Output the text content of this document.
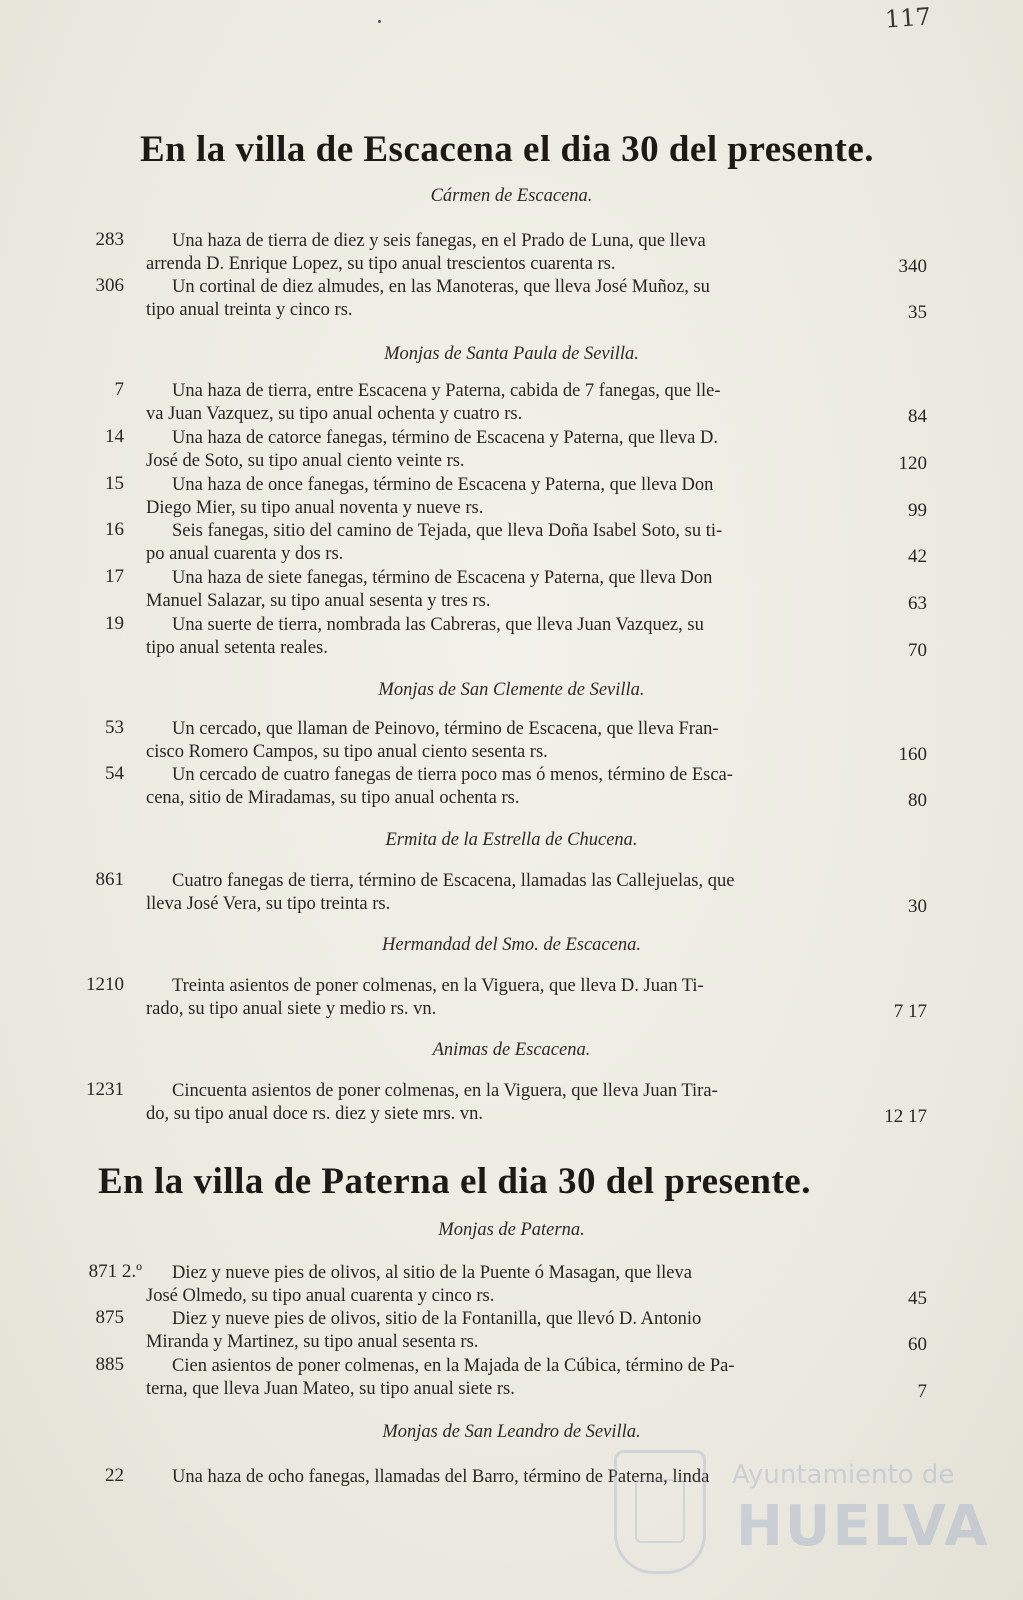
117
En la villa de Escacena el dia 30 del presente.
Cármen de Escacena.
283	Una haza de tierra de diez y seis fanegas, en el Prado de Luna, que lleva
arrenda D. Enrique Lopez, su tipo anual trescientos cuarenta rs.	340
306	Un cortinal de diez almudes, en las Manoteras, que lleva José Muñoz, su
tipo anual treinta y cinco rs.	35
Monjas de Santa Paula de Sevilla.
7	Una haza de tierra, entre Escacena y Paterna, cabida de 7 fanegas, que lle-
va Juan Vazquez, su tipo anual ochenta y cuatro rs.	84
14	Una haza de catorce fanegas, término de Escacena y Paterna, que lleva D.
José de Soto, su tipo anual ciento veinte rs.	120
15	Una haza de once fanegas, término de Escacena y Paterna, que lleva Don
Diego Mier, su tipo anual noventa y nueve rs.	99
16	Seis fanegas, sitio del camino de Tejada, que lleva Doña Isabel Soto, su ti-
po anual cuarenta y dos rs.	42
17	Una haza de siete fanegas, término de Escacena y Paterna, que lleva Don
Manuel Salazar, su tipo anual sesenta y tres rs.	63
19	Una suerte de tierra, nombrada las Cabreras, que lleva Juan Vazquez, su
tipo anual setenta reales.	70
Monjas de San Clemente de Sevilla.
53	Un cercado, que llaman de Peinovo, término de Escacena, que lleva Fran-
cisco Romero Campos, su tipo anual ciento sesenta rs.	160
54	Un cercado de cuatro fanegas de tierra poco mas ó menos, término de Esca-
cena, sitio de Miradamas, su tipo anual ochenta rs.	80
Ermita de la Estrella de Chucena.
861	Cuatro fanegas de tierra, término de Escacena, llamadas las Callejuelas, que
lleva José Vera, su tipo treinta rs.	30
Hermandad del Smo. de Escacena.
1210	Treinta asientos de poner colmenas, en la Viguera, que lleva D. Juan Ti-
rado, su tipo anual siete y medio rs. vn.	7 17
Animas de Escacena.
1231	Cincuenta asientos de poner colmenas, en la Viguera, que lleva Juan Tira-
do, su tipo anual doce rs. diez y siete mrs. vn.	12 17
En la villa de Paterna el dia 30 del presente.
Monjas de Paterna.
871 2.º	Diez y nueve pies de olivos, al sitio de la Puente ó Masagan, que lleva
José Olmedo, su tipo anual cuarenta y cinco rs.	45
875	Diez y nueve pies de olivos, sitio de la Fontanilla, que llevó D. Antonio
Miranda y Martinez, su tipo anual sesenta rs.	60
885	Cien asientos de poner colmenas, en la Majada de la Cúbica, término de Pa-
terna, que lleva Juan Mateo, su tipo anual siete rs.	7
Monjas de San Leandro de Sevilla.
22	Una haza de ocho fanegas, llamadas del Barro, término de Paterna, linda Ayuntamiento de
HUELVA
